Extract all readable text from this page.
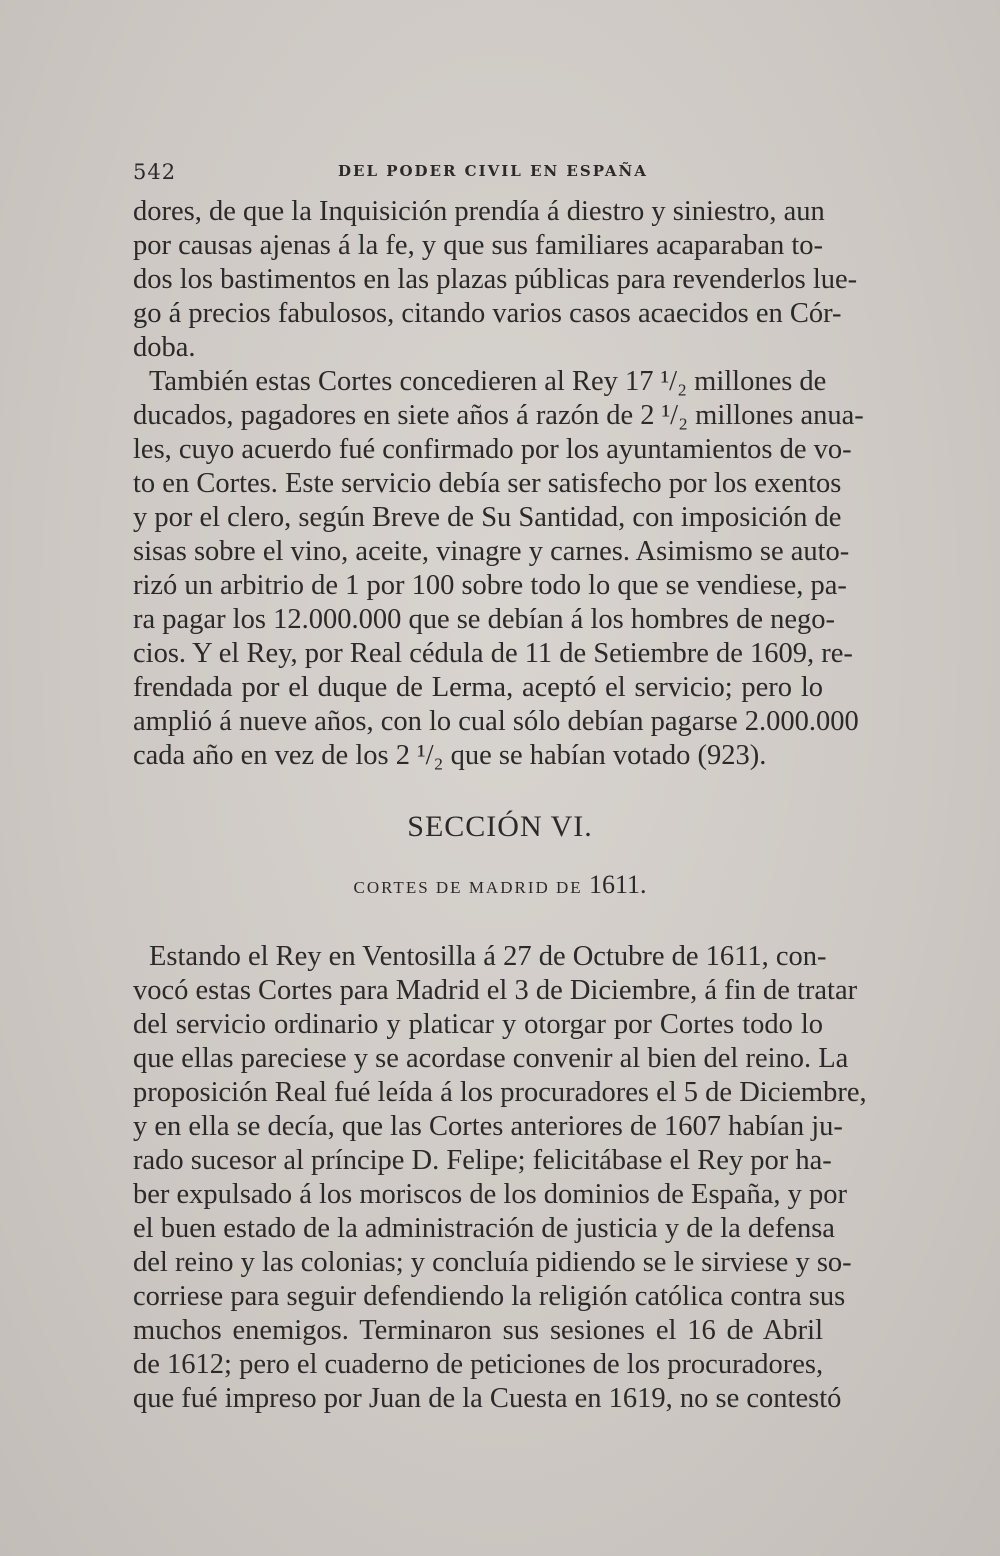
542	DEL PODER CIVIL EN ESPAÑA
dores, de que la Inquisición prendía á diestro y siniestro, aun
por causas ajenas á la fe, y que sus familiares acaparaban to-
dos los bastimentos en las plazas públicas para revenderlos lue-
go á precios fabulosos, citando varios casos acaecidos en Cór-
doba.
También estas Cortes concedieren al Rey 17 ¹/₂ millones de
ducados, pagadores en siete años á razón de 2 ¹/₂ millones anua-
les, cuyo acuerdo fué confirmado por los ayuntamientos de vo-
to en Cortes. Este servicio debía ser satisfecho por los exentos
y por el clero, según Breve de Su Santidad, con imposición de
sisas sobre el vino, aceite, vinagre y carnes. Asimismo se auto-
rizó un arbitrio de 1 por 100 sobre todo lo que se vendiese, pa-
ra pagar los 12.000.000 que se debían á los hombres de nego-
cios. Y el Rey, por Real cédula de 11 de Setiembre de 1609, re-
frendada por el duque de Lerma, aceptó el servicio; pero lo
amplió á nueve años, con lo cual sólo debían pagarse 2.000.000
cada año en vez de los 2 ¹/₂ que se habían votado (923).
SECCIÓN VI.
CORTES DE MADRID DE 1611.
Estando el Rey en Ventosilla á 27 de Octubre de 1611, con-
vocó estas Cortes para Madrid el 3 de Diciembre, á fin de tratar
del servicio ordinario y platicar y otorgar por Cortes todo lo
que ellas pareciese y se acordase convenir al bien del reino. La
proposición Real fué leída á los procuradores el 5 de Diciembre,
y en ella se decía, que las Cortes anteriores de 1607 habían ju-
rado sucesor al príncipe D. Felipe; felicitábase el Rey por ha-
ber expulsado á los moriscos de los dominios de España, y por
el buen estado de la administración de justicia y de la defensa
del reino y las colonias; y concluía pidiendo se le sirviese y so-
corriese para seguir defendiendo la religión católica contra sus
muchos enemigos. Terminaron sus sesiones el 16 de Abril
de 1612; pero el cuaderno de peticiones de los procuradores,
que fué impreso por Juan de la Cuesta en 1619, no se contestó
